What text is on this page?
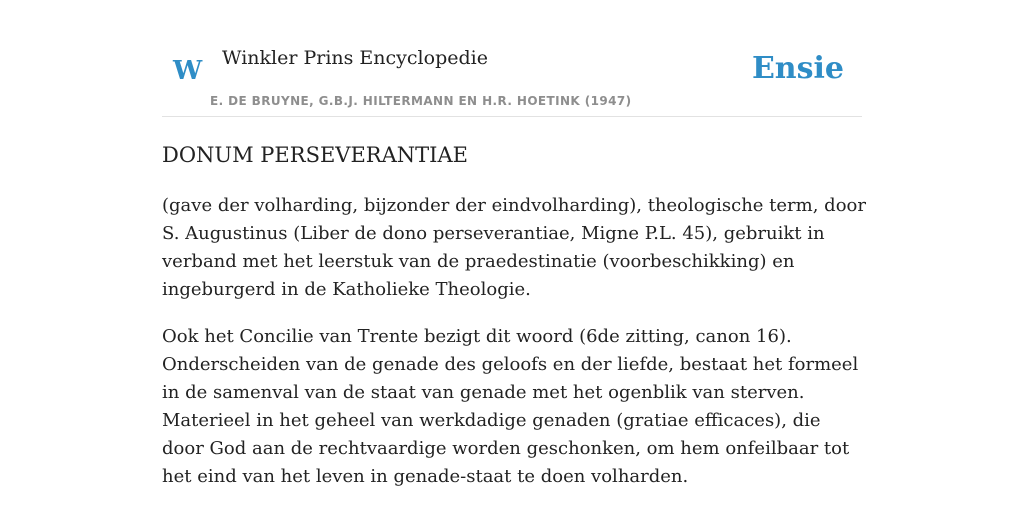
W Winkler Prins Encyclopedie
E. DE BRUYNE, G.B.J. HILTERMANN EN H.R. HOETINK (1947)
Ensie
DONUM PERSEVERANTIAE

(gave der volharding, bijzonder der eindvolharding), theologische term, door S. Augustinus (Liber de dono perseverantiae, Migne P.L. 45), gebruikt in verband met het leerstuk van de praedestinatie (voorbeschikking) en ingeburgerd in de Katholieke Theologie.

Ook het Concilie van Trente bezigt dit woord (6de zitting, canon 16). Onderscheiden van de genade des geloofs en der liefde, bestaat het formeel in de samenval van de staat van genade met het ogenblik van sterven. Materieel in het geheel van werkdadige genaden (gratiae efficaces), die door God aan de rechtvaardige worden geschonken, om hem onfeilbaar tot het eind van het leven in genade-staat te doen volharden.
